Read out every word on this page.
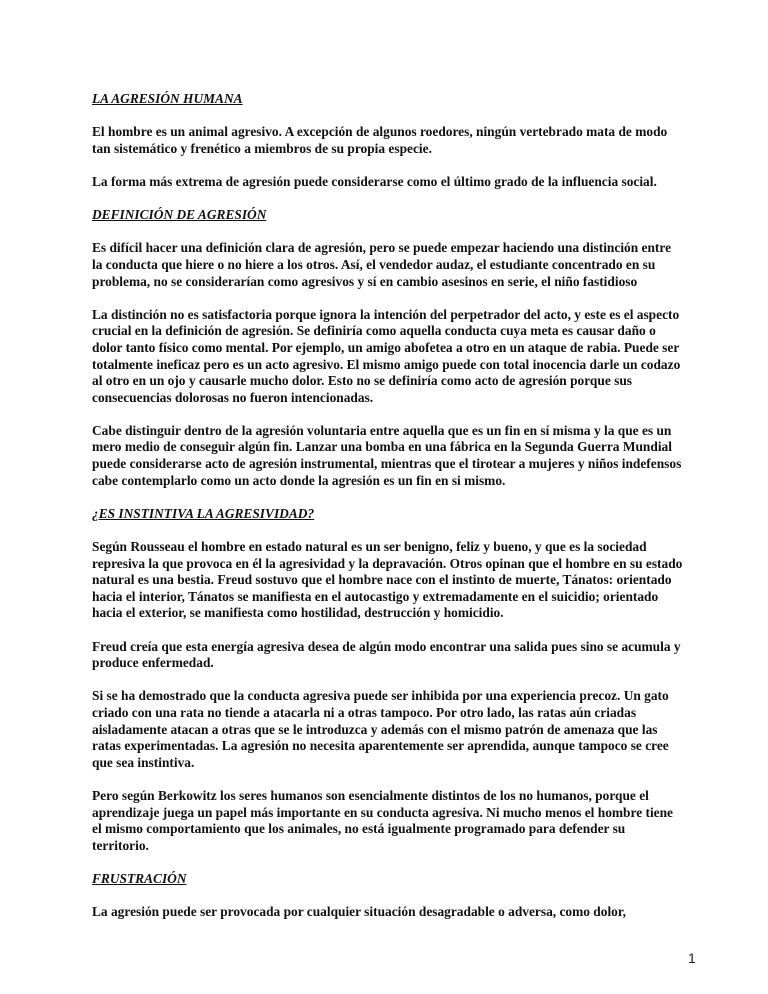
LA AGRESIÓN HUMANA
El hombre es un animal agresivo. A excepción de algunos roedores, ningún vertebrado mata de modo
tan sistemático y frenético a miembros de su propia especie.
La forma más extrema de agresión puede considerarse como el último grado de la influencia social.
DEFINICIÓN DE AGRESIÓN
Es difícil hacer una definición clara de agresión, pero se puede empezar haciendo una distinción entre
la conducta que hiere o no hiere a los otros. Así, el vendedor audaz, el estudiante concentrado en su
problema, no se considerarían como agresivos y sí en cambio asesinos en serie, el niño fastidioso
La distinción no es satisfactoria porque ignora la intención del perpetrador del acto, y este es el aspecto
crucial en la definición de agresión. Se definiría como aquella conducta cuya meta es causar daño o
dolor tanto físico como mental. Por ejemplo, un amigo abofetea a otro en un ataque de rabia. Puede ser
totalmente ineficaz pero es un acto agresivo. El mismo amigo puede con total inocencia darle un codazo
al otro en un ojo y causarle mucho dolor. Esto no se definiría como acto de agresión porque sus
consecuencias dolorosas no fueron intencionadas.
Cabe distinguir dentro de la agresión voluntaria entre aquella que es un fin en sí misma y la que es un
mero medio de conseguir algún fin. Lanzar una bomba en una fábrica en la Segunda Guerra Mundial
puede considerarse acto de agresión instrumental, mientras que el tirotear a mujeres y niños indefensos
cabe contemplarlo como un acto donde la agresión es un fin en si mismo.
¿ES INSTINTIVA LA AGRESIVIDAD?
Según Rousseau el hombre en estado natural es un ser benigno, feliz y bueno, y que es la sociedad
represiva la que provoca en él la agresividad y la depravación. Otros opinan que el hombre en su estado
natural es una bestia. Freud sostuvo que el hombre nace con el instinto de muerte, Tánatos: orientado
hacia el interior, Tánatos se manifiesta en el autocastigo y extremadamente en el suicidio; orientado
hacia el exterior, se manifiesta como hostilidad, destrucción y homicidio.
Freud creía que esta energía agresiva desea de algún modo encontrar una salida pues sino se acumula y
produce enfermedad.
Si se ha demostrado que la conducta agresiva puede ser inhibida por una experiencia precoz. Un gato
criado con una rata no tiende a atacarla ni a otras tampoco. Por otro lado, las ratas aún criadas
aisladamente atacan a otras que se le introduzca y además con el mismo patrón de amenaza que las
ratas experimentadas. La agresión no necesita aparentemente ser aprendida, aunque tampoco se cree
que sea instintiva.
Pero según Berkowitz los seres humanos son esencialmente distintos de los no humanos, porque el
aprendizaje juega un papel más importante en su conducta agresiva. Ni mucho menos el hombre tiene
el mismo comportamiento que los animales, no está igualmente programado para defender su
territorio.
FRUSTRACIÓN
La agresión puede ser provocada por cualquier situación desagradable o adversa, como dolor,
1
